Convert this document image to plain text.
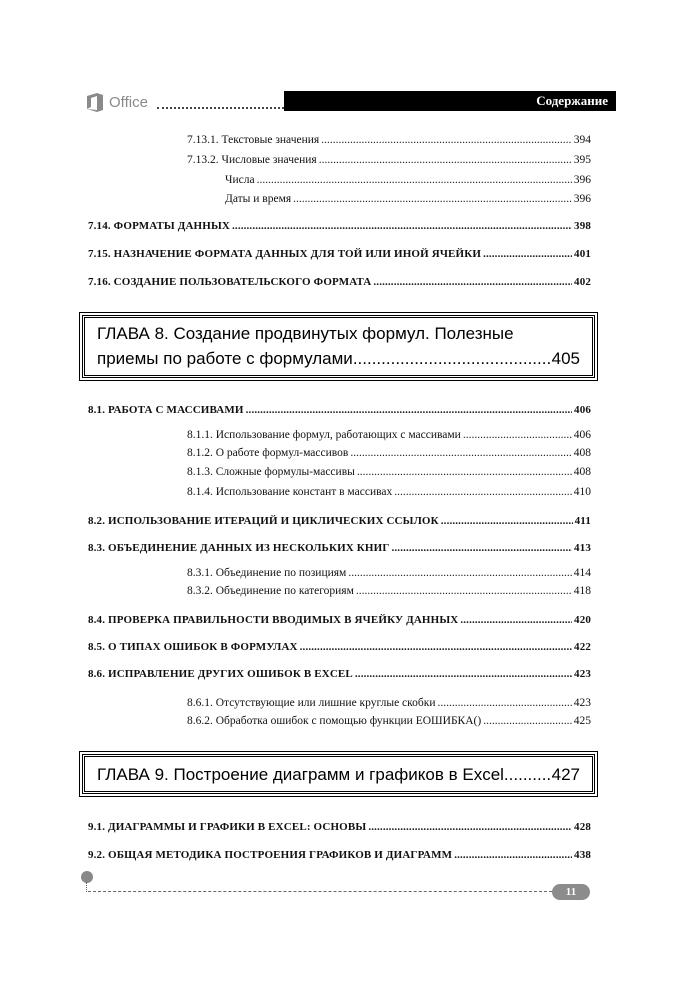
Office	Содержание
7.13.1. Текстовые значения .....	394
7.13.2. Числовые значения .....	395
Числа .....	396
Даты и время .....	396
7.14. ФОРМАТЫ ДАННЫХ .....	398
7.15. НАЗНАЧЕНИЕ ФОРМАТА ДАННЫХ ДЛЯ ТОЙ ИЛИ ИНОЙ ЯЧЕЙКИ .....	401
7.16. СОЗДАНИЕ ПОЛЬЗОВАТЕЛЬСКОГО ФОРМАТА .....	402
ГЛАВА 8. Создание продвинутых формул. Полезные
приемы по работе с формулами .....	405
8.1. РАБОТА С МАССИВАМИ .....	406
8.1.1. Использование формул, работающих с массивами .....	406
8.1.2. О работе формул-массивов .....	408
8.1.3. Сложные формулы-массивы .....	408
8.1.4. Использование констант в массивах .....	410
8.2. ИСПОЛЬЗОВАНИЕ ИТЕРАЦИЙ И ЦИКЛИЧЕСКИХ ССЫЛОК .....	411
8.3. ОБЪЕДИНЕНИЕ ДАННЫХ ИЗ НЕСКОЛЬКИХ КНИГ .....	413
8.3.1. Объединение по позициям .....	414
8.3.2. Объединение по категориям .....	418
8.4. ПРОВЕРКА ПРАВИЛЬНОСТИ ВВОДИМЫХ В ЯЧЕЙКУ ДАННЫХ .....	420
8.5. О ТИПАХ ОШИБОК В ФОРМУЛАХ .....	422
8.6. ИСПРАВЛЕНИЕ ДРУГИХ ОШИБОК В EXCEL .....	423
8.6.1. Отсутствующие или лишние круглые скобки .....	423
8.6.2. Обработка ошибок с помощью функции ЕОШИБКА() .....	425
ГЛАВА 9. Построение диаграмм и графиков в Excel .....	427
9.1. ДИАГРАММЫ И ГРАФИКИ В EXCEL: ОСНОВЫ .....	428
9.2. ОБЩАЯ МЕТОДИКА ПОСТРОЕНИЯ ГРАФИКОВ И ДИАГРАММ .....	438
11
